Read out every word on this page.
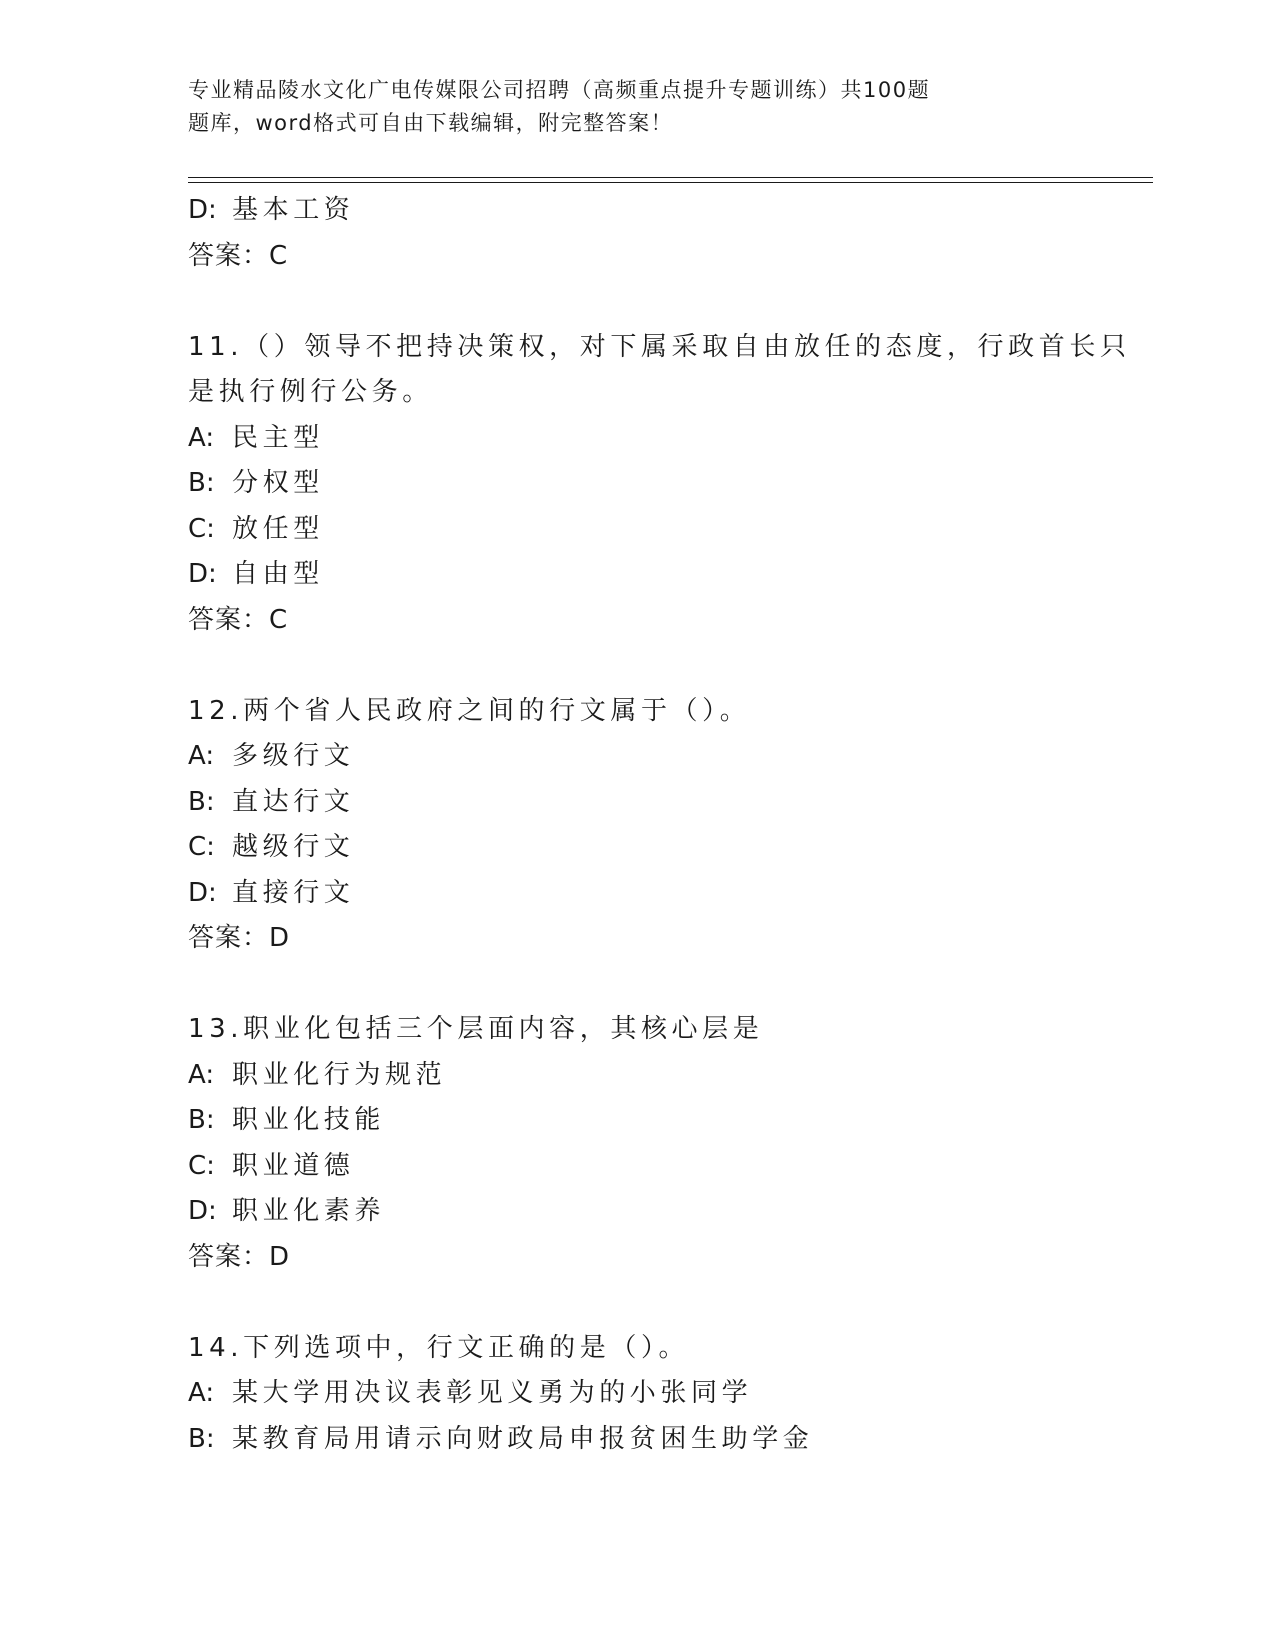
专业精品陵水文化广电传媒限公司招聘（高频重点提升专题训练）共100题
题库，word格式可自由下载编辑，附完整答案！
D: 基本工资
答案：C
11.（）领导不把持决策权，对下属采取自由放任的态度，行政首长只
是执行例行公务。
A: 民主型
B: 分权型
C: 放任型
D: 自由型
答案：C
12.两个省人民政府之间的行文属于（）。
A: 多级行文
B: 直达行文
C: 越级行文
D: 直接行文
答案：D
13.职业化包括三个层面内容，其核心层是
A: 职业化行为规范
B: 职业化技能
C: 职业道德
D: 职业化素养
答案：D
14.下列选项中，行文正确的是（）。
A: 某大学用决议表彰见义勇为的小张同学
B: 某教育局用请示向财政局申报贫困生助学金
